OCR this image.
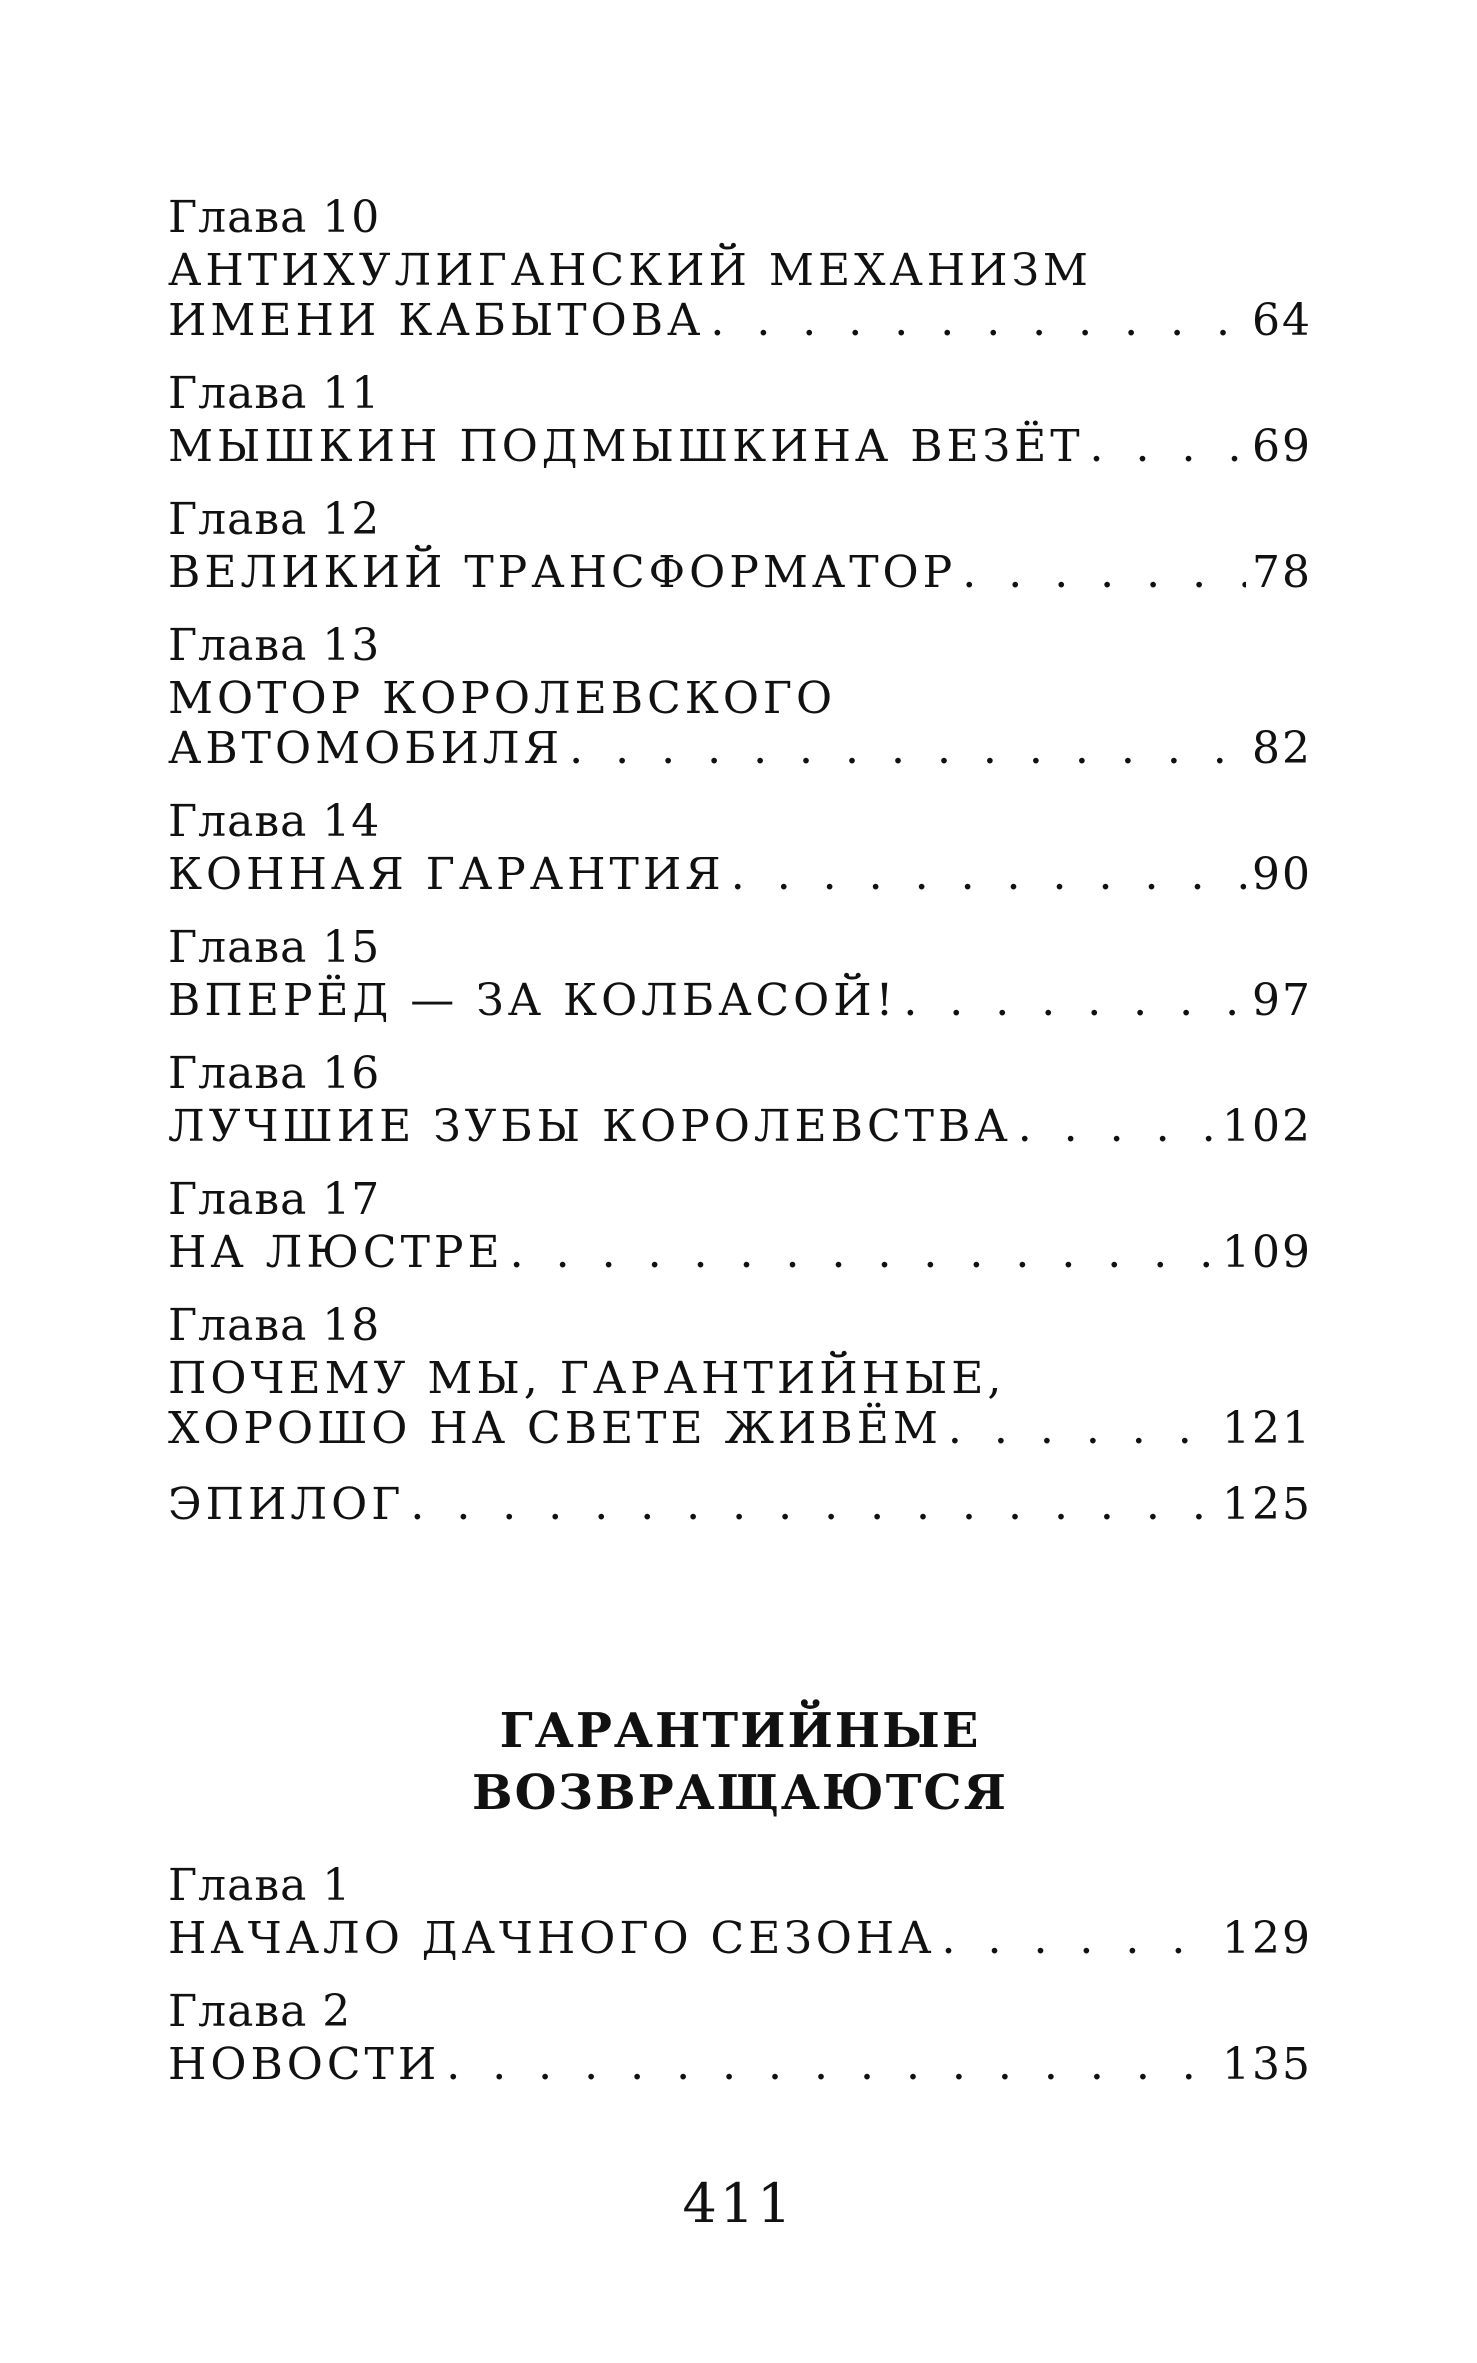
Глава 10
АНТИХУЛИГАНСКИЙ МЕХАНИЗМ
ИМЕНИ КАБЫТОВА . . .	64
Глава 11
МЫШКИН ПОДМЫШКИНА ВЕЗЁТ . . .	69
Глава 12
ВЕЛИКИЙ ТРАНСФОРМАТОР . . .	78
Глава 13
МОТОР КОРОЛЕВСКОГО
АВТОМОБИЛЯ . . .	82
Глава 14
КОННАЯ ГАРАНТИЯ . . .	90
Глава 15
ВПЕРЁД — ЗА КОЛБАСОЙ! . . .	97
Глава 16
ЛУЧШИЕ ЗУБЫ КОРОЛЕВСТВА . . .	102
Глава 17
НА ЛЮСТРЕ . . .	109
Глава 18
ПОЧЕМУ МЫ, ГАРАНТИЙНЫЕ,
ХОРОШО НА СВЕТЕ ЖИВЁМ . . .	121
ЭПИЛОГ . . .	125
ГАРАНТИЙНЫЕ
ВОЗВРАЩАЮТСЯ
Глава 1
НАЧАЛО ДАЧНОГО СЕЗОНА . . .	129
Глава 2
НОВОСТИ . . .	135
411
